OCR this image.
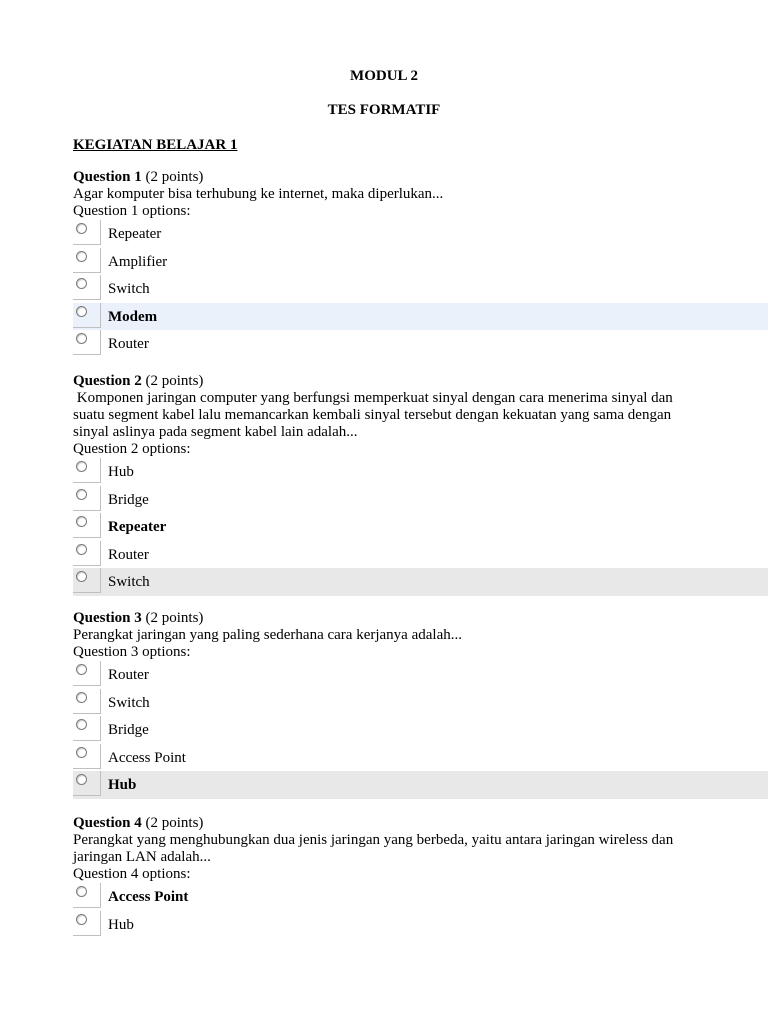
MODUL 2
TES FORMATIF
KEGIATAN BELAJAR 1
Question 1 (2 points)
Agar komputer bisa terhubung ke internet, maka diperlukan...
Question 1 options:
Repeater
Amplifier
Switch
Modem
Router
Question 2 (2 points)
Komponen jaringan computer yang berfungsi memperkuat sinyal dengan cara menerima sinyal dan suatu segment kabel lalu memancarkan kembali sinyal tersebut dengan kekuatan yang sama dengan sinyal aslinya pada segment kabel lain adalah...
Question 2 options:
Hub
Bridge
Repeater
Router
Switch
Question 3 (2 points)
Perangkat jaringan yang paling sederhana cara kerjanya adalah...
Question 3 options:
Router
Switch
Bridge
Access Point
Hub
Question 4 (2 points)
Perangkat yang menghubungkan dua jenis jaringan yang berbeda, yaitu antara jaringan wireless dan jaringan LAN adalah...
Question 4 options:
Access Point
Hub
